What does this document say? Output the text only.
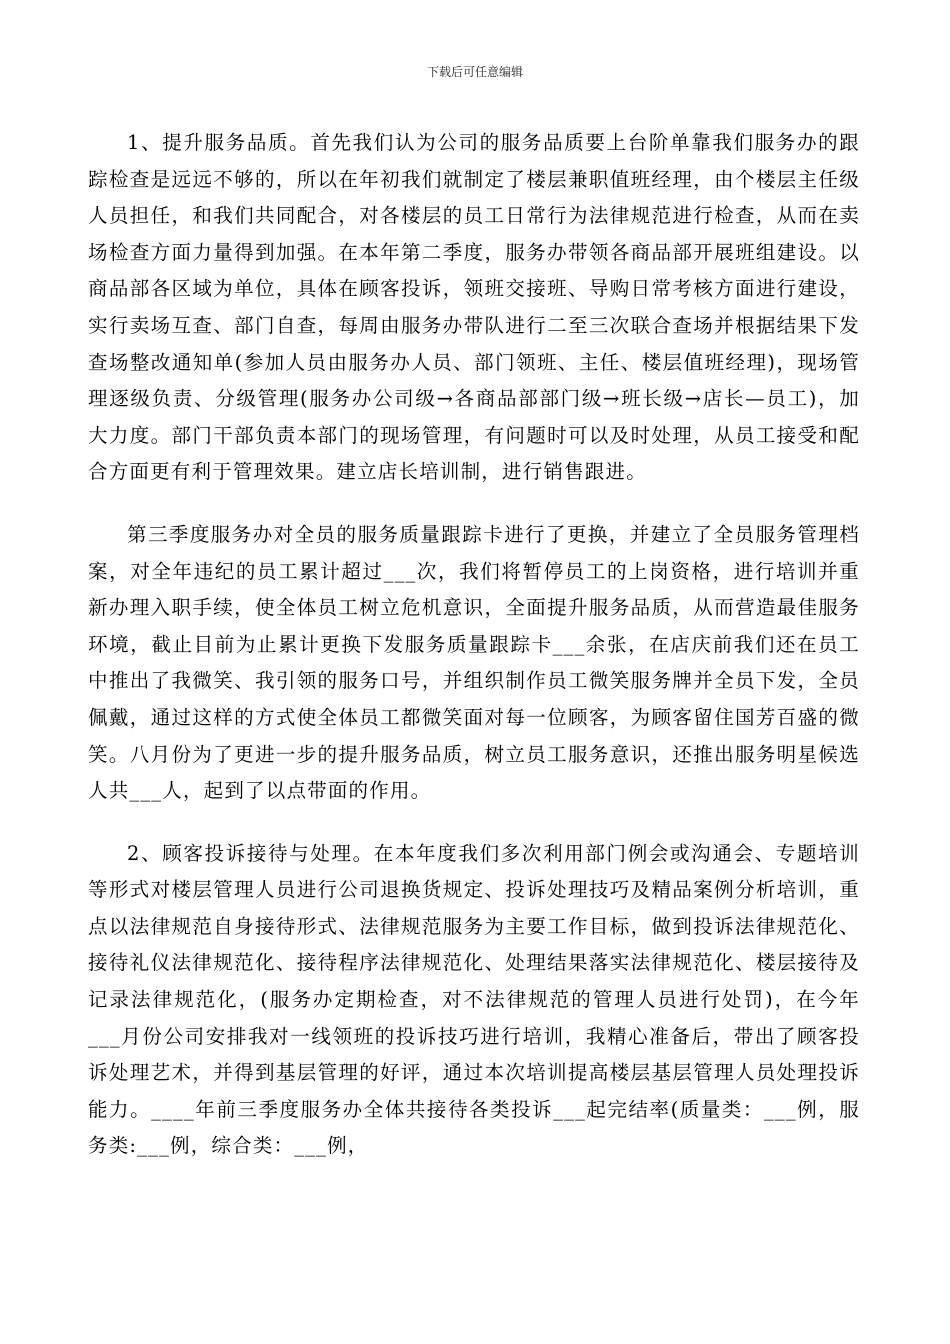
下载后可任意编辑

1、提升服务品质。首先我们认为公司的服务品质要上台阶单靠我们服务办的跟踪检查是远远不够的，所以在年初我们就制定了楼层兼职值班经理，由个楼层主任级人员担任，和我们共同配合，对各楼层的员工日常行为法律规范进行检查，从而在卖场检查方面力量得到加强。在本年第二季度，服务办带领各商品部开展班组建设。以商品部各区域为单位，具体在顾客投诉，领班交接班、导购日常考核方面进行建设，实行卖场互查、部门自查，每周由服务办带队进行二至三次联合查场并根据结果下发查场整改通知单(参加人员由服务办人员、部门领班、主任、楼层值班经理)，现场管理逐级负责、分级管理(服务办公司级→各商品部部门级→班长级→店长—员工)，加大力度。部门干部负责本部门的现场管理，有问题时可以及时处理，从员工接受和配合方面更有利于管理效果。建立店长培训制，进行销售跟进。

第三季度服务办对全员的服务质量跟踪卡进行了更换，并建立了全员服务管理档案，对全年违纪的员工累计超过___次，我们将暂停员工的上岗资格，进行培训并重新办理入职手续，使全体员工树立危机意识，全面提升服务品质，从而营造最佳服务环境，截止目前为止累计更换下发服务质量跟踪卡___余张，在店庆前我们还在员工中推出了我微笑、我引领的服务口号，并组织制作员工微笑服务牌并全员下发，全员佩戴，通过这样的方式使全体员工都微笑面对每一位顾客，为顾客留住国芳百盛的微笑。八月份为了更进一步的提升服务品质，树立员工服务意识，还推出服务明星候选人共___人，起到了以点带面的作用。

2、顾客投诉接待与处理。在本年度我们多次利用部门例会或沟通会、专题培训等形式对楼层管理人员进行公司退换货规定、投诉处理技巧及精品案例分析培训，重点以法律规范自身接待形式、法律规范服务为主要工作目标，做到投诉法律规范化、接待礼仪法律规范化、接待程序法律规范化、处理结果落实法律规范化、楼层接待及记录法律规范化，(服务办定期检查，对不法律规范的管理人员进行处罚)，在今年___月份公司安排我对一线领班的投诉技巧进行培训，我精心准备后，带出了顾客投诉处理艺术，并得到基层管理的好评，通过本次培训提高楼层基层管理人员处理投诉能力。____年前三季度服务办全体共接待各类投诉___起完结率(质量类：___例，服务类:___例，综合类：___例，
